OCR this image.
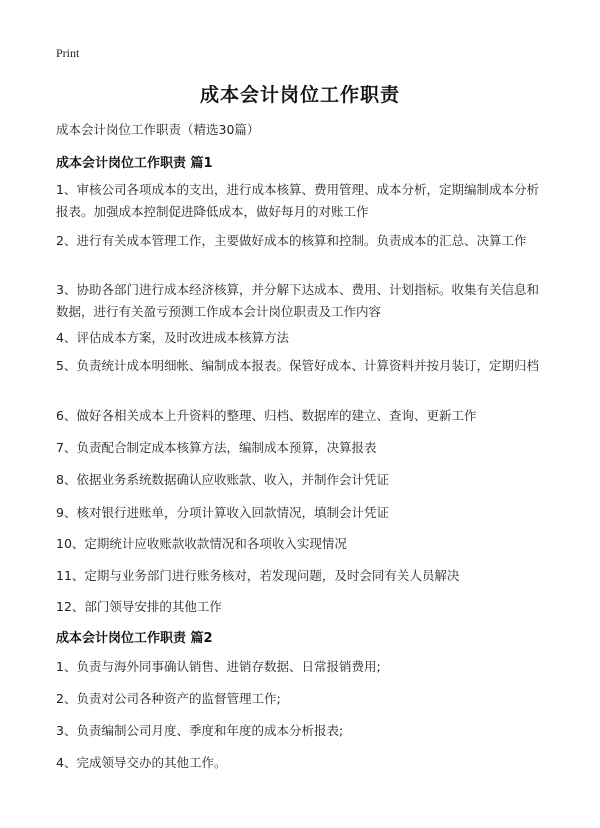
Print
成本会计岗位工作职责
成本会计岗位工作职责（精选30篇）
成本会计岗位工作职责 篇1
1、审核公司各项成本的支出，进行成本核算、费用管理、成本分析，定期编制成本分析报表。加强成本控制促进降低成本，做好每月的对账工作
2、进行有关成本管理工作，主要做好成本的核算和控制。负责成本的汇总、决算工作
3、协助各部门进行成本经济核算，并分解下达成本、费用、计划指标。收集有关信息和数据，进行有关盈亏预测工作成本会计岗位职责及工作内容
4、评估成本方案，及时改进成本核算方法
5、负责统计成本明细帐、编制成本报表。保管好成本、计算资料并按月装订，定期归档
6、做好各相关成本上升资料的整理、归档、数据库的建立、查询、更新工作
7、负责配合制定成本核算方法，编制成本预算，决算报表
8、依据业务系统数据确认应收账款、收入，并制作会计凭证
9、核对银行进账单，分项计算收入回款情况，填制会计凭证
10、定期统计应收账款收款情况和各项收入实现情况
11、定期与业务部门进行账务核对，若发现问题，及时会同有关人员解决
12、部门领导安排的其他工作
成本会计岗位工作职责 篇2
1、负责与海外同事确认销售、进销存数据、日常报销费用;
2、负责对公司各种资产的监督管理工作;
3、负责编制公司月度、季度和年度的成本分析报表;
4、完成领导交办的其他工作。
